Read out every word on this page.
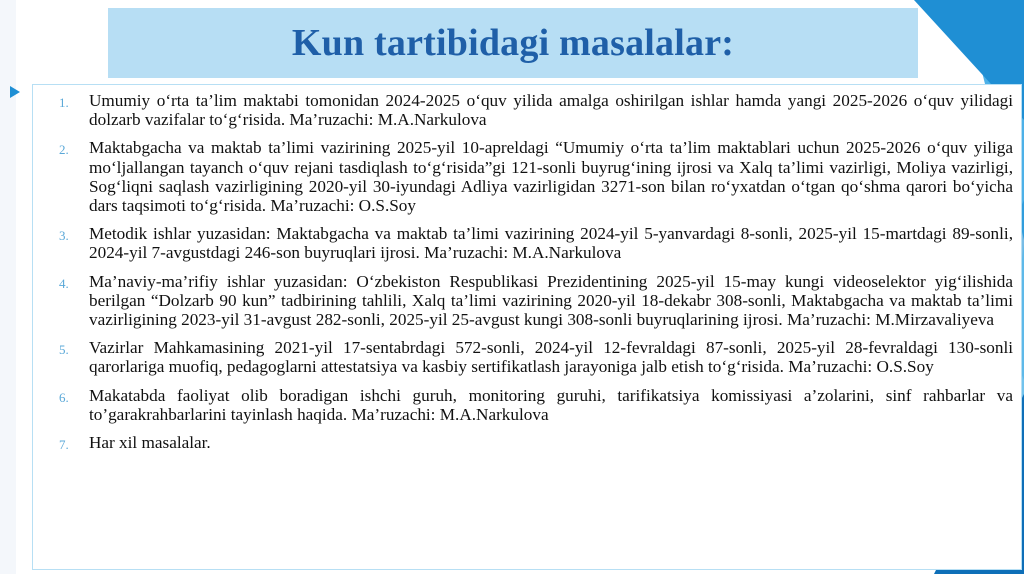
Kun tartibidagi masalalar:
1.	Umumiy o‘rta ta’lim maktabi tomonidan 2024-2025 o‘quv yilida amalga oshirilgan ishlar hamda yangi 2025-2026 o‘quv yilidagi dolzarb vazifalar to‘g‘risida. Ma’ruzachi: M.A.Narkulova
2.	Maktabgacha va maktab ta’limi vazirining 2025-yil 10-apreldagi “Umumiy o‘rta ta’lim maktablari uchun 2025-2026 o‘quv yiliga mo‘ljallangan tayanch o‘quv rejani tasdiqlash to‘g‘risida”gi 121-sonli buyrug‘ining ijrosi va Xalq ta’limi vazirligi, Moliya vazirligi, Sog‘liqni saqlash vazirligining 2020-yil 30-iyundagi Adliya vazirligidan 3271-son bilan ro‘yxatdan o‘tgan qo‘shma qarori bo‘yicha dars taqsimoti to‘g‘risida. Ma’ruzachi: O.S.Soy
3.	Metodik ishlar yuzasidan: Maktabgacha va maktab ta’limi vazirining 2024-yil 5-yanvardagi 8-sonli, 2025-yil 15-martdagi 89-sonli, 2024-yil 7-avgustdagi 246-son buyruqlari ijrosi. Ma’ruzachi: M.A.Narkulova
4.	Ma’naviy-ma’rifiy ishlar yuzasidan: O‘zbekiston Respublikasi Prezidentining 2025-yil 15-may kungi videoselektor yig‘ilishida berilgan “Dolzarb 90 kun” tadbirining tahlili, Xalq ta’limi vazirining 2020-yil 18-dekabr 308-sonli, Maktabgacha va maktab ta’limi vazirligining 2023-yil 31-avgust 282-sonli, 2025-yil 25-avgust kungi 308-sonli buyruqlarining ijrosi. Ma’ruzachi: M.Mirzavaliyeva
5.	Vazirlar Mahkamasining 2021-yil 17-sentabrdagi 572-sonli, 2024-yil 12-fevraldagi 87-sonli, 2025-yil 28-fevraldagi 130-sonli qarorlariga muofiq, pedagoglarni attestatsiya va kasbiy sertifikatlash jarayoniga jalb etish to‘g‘risida. Ma’ruzachi: O.S.Soy
6.	Makatabda faoliyat olib boradigan ishchi guruh, monitoring guruhi, tarifikatsiya komissiyasi a’zolarini, sinf rahbarlar va to’garakrahbarlarini tayinlash haqida. Ma’ruzachi: M.A.Narkulova
7.	Har xil masalalar.
